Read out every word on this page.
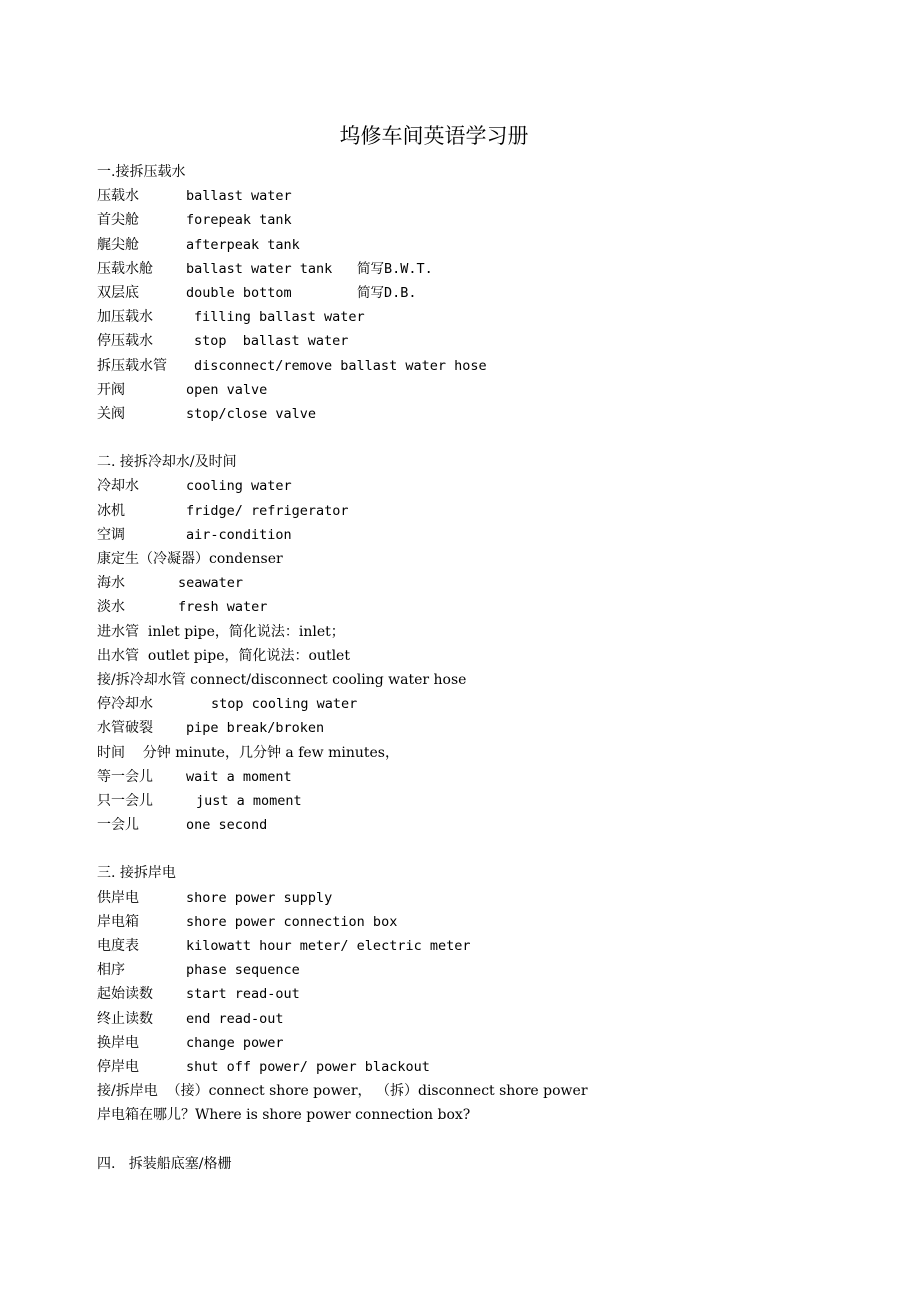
坞修车间英语学习册
一.接拆压载水
压载水	ballast water
首尖舱	forepeak tank
艉尖舱	afterpeak tank
压载水舱 ballast water tank 简写B.W.T.
双层底	double bottom	简写D.B.
加压载水	filling ballast water
停压载水	stop  ballast water
拆压载水管 disconnect/remove ballast water hose
开阀	open valve
关阀	stop/close valve
二. 接拆冷却水/及时间
冷却水	cooling water
冰机	fridge/ refrigerator
空调	air-condition
康定生（冷凝器）condenser
海水	seawater
淡水	fresh water
进水管  inlet pipe，简化说法：inlet；
出水管  outlet pipe，简化说法：outlet
接/拆冷却水管 connect/disconnect cooling water hose
停冷却水	stop cooling water
水管破裂 pipe break/broken
时间    分钟 minute，几分钟 a few minutes，
等一会儿 wait a moment
只一会儿	just a moment
一会儿	one second
三. 接拆岸电
供岸电	shore power supply
岸电箱	shore power connection box
电度表	kilowatt hour meter/ electric meter
相序	phase sequence
起始读数 start read-out
终止读数 end read-out
换岸电	change power
停岸电	shut off power/ power blackout
接/拆岸电  （接）connect shore power， （拆）disconnect shore power
岸电箱在哪儿？Where is shore power connection box?
四.   拆装船底塞/格栅
